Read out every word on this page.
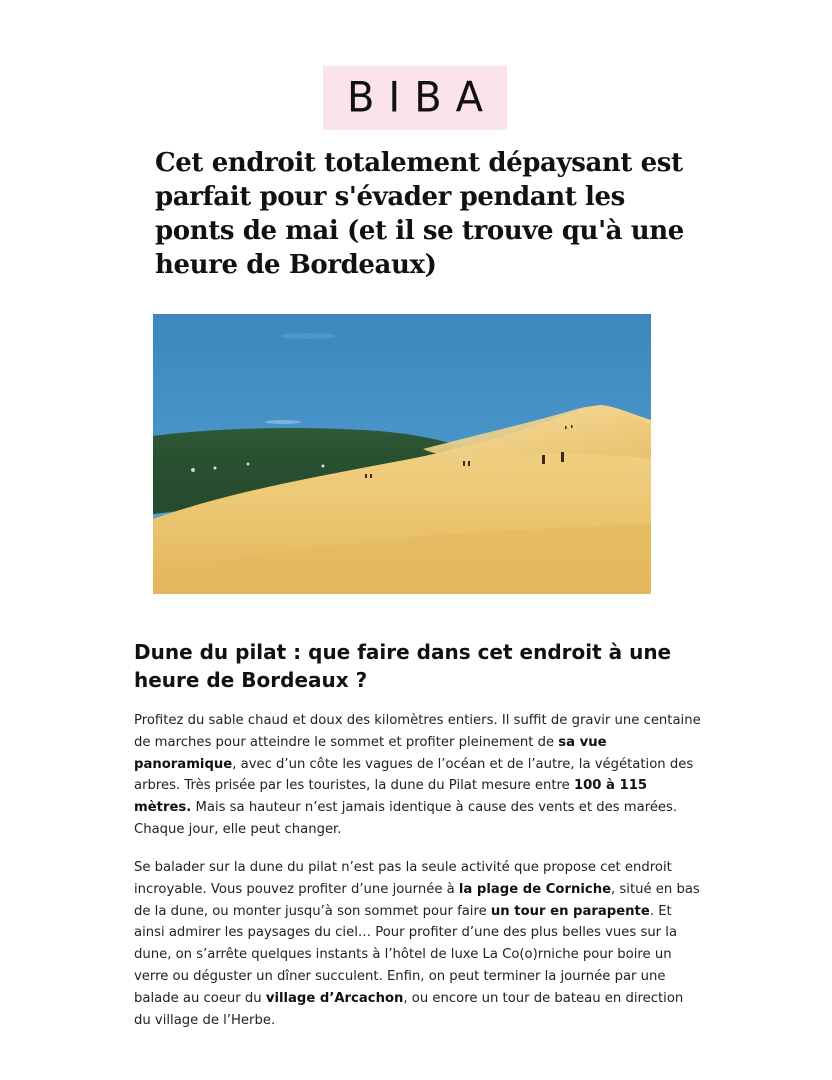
BIBA
Cet endroit totalement dépaysant est parfait pour s'évader pendant les ponts de mai (et il se trouve qu'à une heure de Bordeaux)
Dune du pilat : que faire dans cet endroit à une heure de Bordeaux ?

Profitez du sable chaud et doux des kilomètres entiers. Il suffit de gravir une centaine de marches pour atteindre le sommet et profiter pleinement de sa vue panoramique, avec d’un côte les vagues de l’océan et de l’autre, la végétation des arbres. Très prisée par les touristes, la dune du Pilat mesure entre 100 à 115 mètres. Mais sa hauteur n’est jamais identique à cause des vents et des marées. Chaque jour, elle peut changer.

Se balader sur la dune du pilat n’est pas la seule activité que propose cet endroit incroyable. Vous pouvez profiter d’une journée à la plage de Corniche, situé en bas de la dune, ou monter jusqu’à son sommet pour faire un tour en parapente. Et ainsi admirer les paysages du ciel… Pour profiter d’une des plus belles vues sur la dune, on s’arrête quelques instants à l’hôtel de luxe La Co(o)rniche pour boire un verre ou déguster un dîner succulent. Enfin, on peut terminer la journée par une balade au coeur du village d’Arcachon, ou encore un tour de bateau en direction du village de l’Herbe.
